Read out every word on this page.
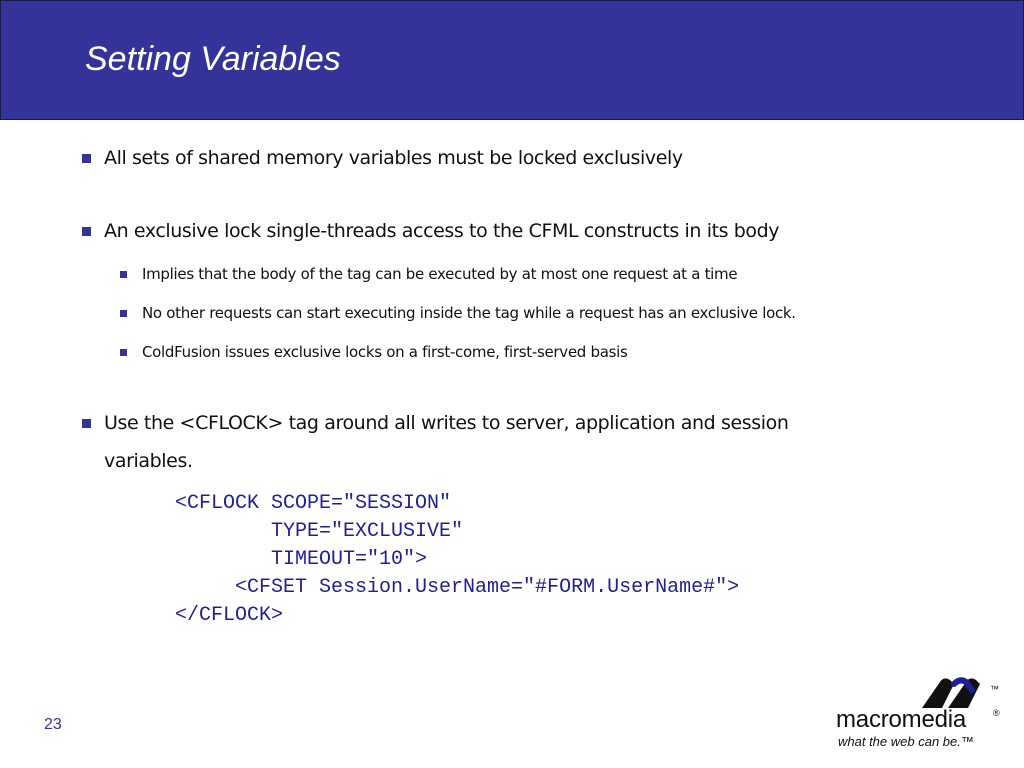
Setting Variables
All sets of shared memory variables must be locked exclusively
An exclusive lock single-threads access to the CFML constructs in its body
Implies that the body of the tag can be executed by at most one request at a time
No other requests can start executing inside the tag while a request has an exclusive lock.
ColdFusion issues exclusive locks on a first-come, first-served basis
Use the <CFLOCK> tag around all writes to server, application and session
variables.
<CFLOCK SCOPE="SESSION"
TYPE="EXCLUSIVE"
TIMEOUT="10">
<CFSET Session.UserName="#FORM.UserName#">
</CFLOCK>
23
™
macromedia	®
what the web can be.™
